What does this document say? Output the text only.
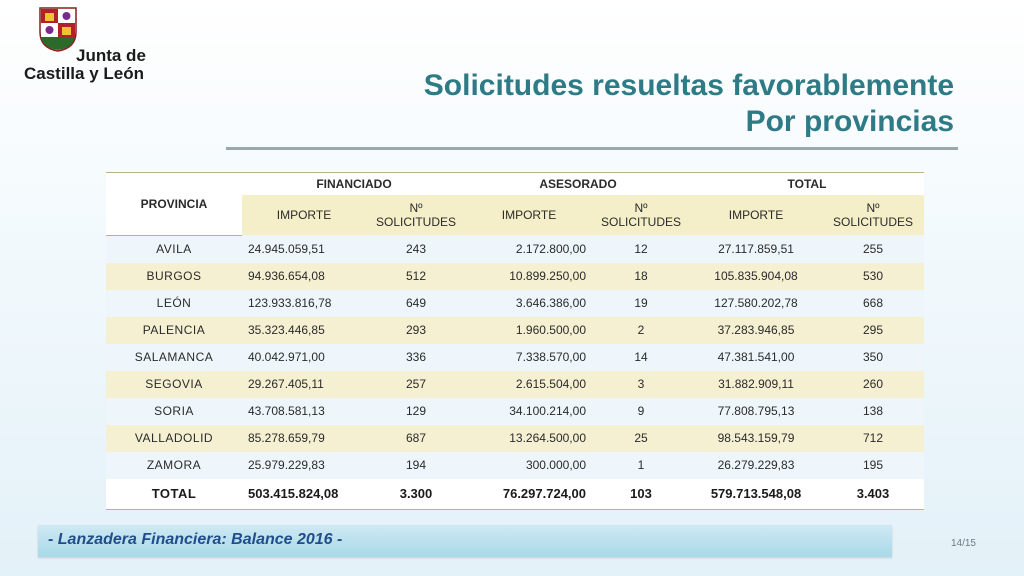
Junta de
Castilla y León	Solicitudes resueltas favorablemente
Por provincias
PROVINCIA	FINANCIADO		ASESORADO		TOTAL	
	IMPORTE	Nº SOLICITUDES	IMPORTE	Nº SOLICITUDES	IMPORTE	Nº SOLICITUDES
AVILA	24.945.059,51	243	2.172.800,00	12	27.117.859,51	255
BURGOS	94.936.654,08	512	10.899.250,00	18	105.835.904,08	530
LEÓN	123.933.816,78	649	3.646.386,00	19	127.580.202,78	668
PALENCIA	35.323.446,85	293	1.960.500,00	2	37.283.946,85	295
SALAMANCA	40.042.971,00	336	7.338.570,00	14	47.381.541,00	350
SEGOVIA	29.267.405,11	257	2.615.504,00	3	31.882.909,11	260
SORIA	43.708.581,13	129	34.100.214,00	9	77.808.795,13	138
VALLADOLID	85.278.659,79	687	13.264.500,00	25	98.543.159,79	712
ZAMORA	25.979.229,83	194	300.000,00	1	26.279.229,83	195
TOTAL	503.415.824,08	3.300	76.297.724,00	103	579.713.548,08	3.403
- Lanzadera Financiera: Balance 2016 -	14/15
